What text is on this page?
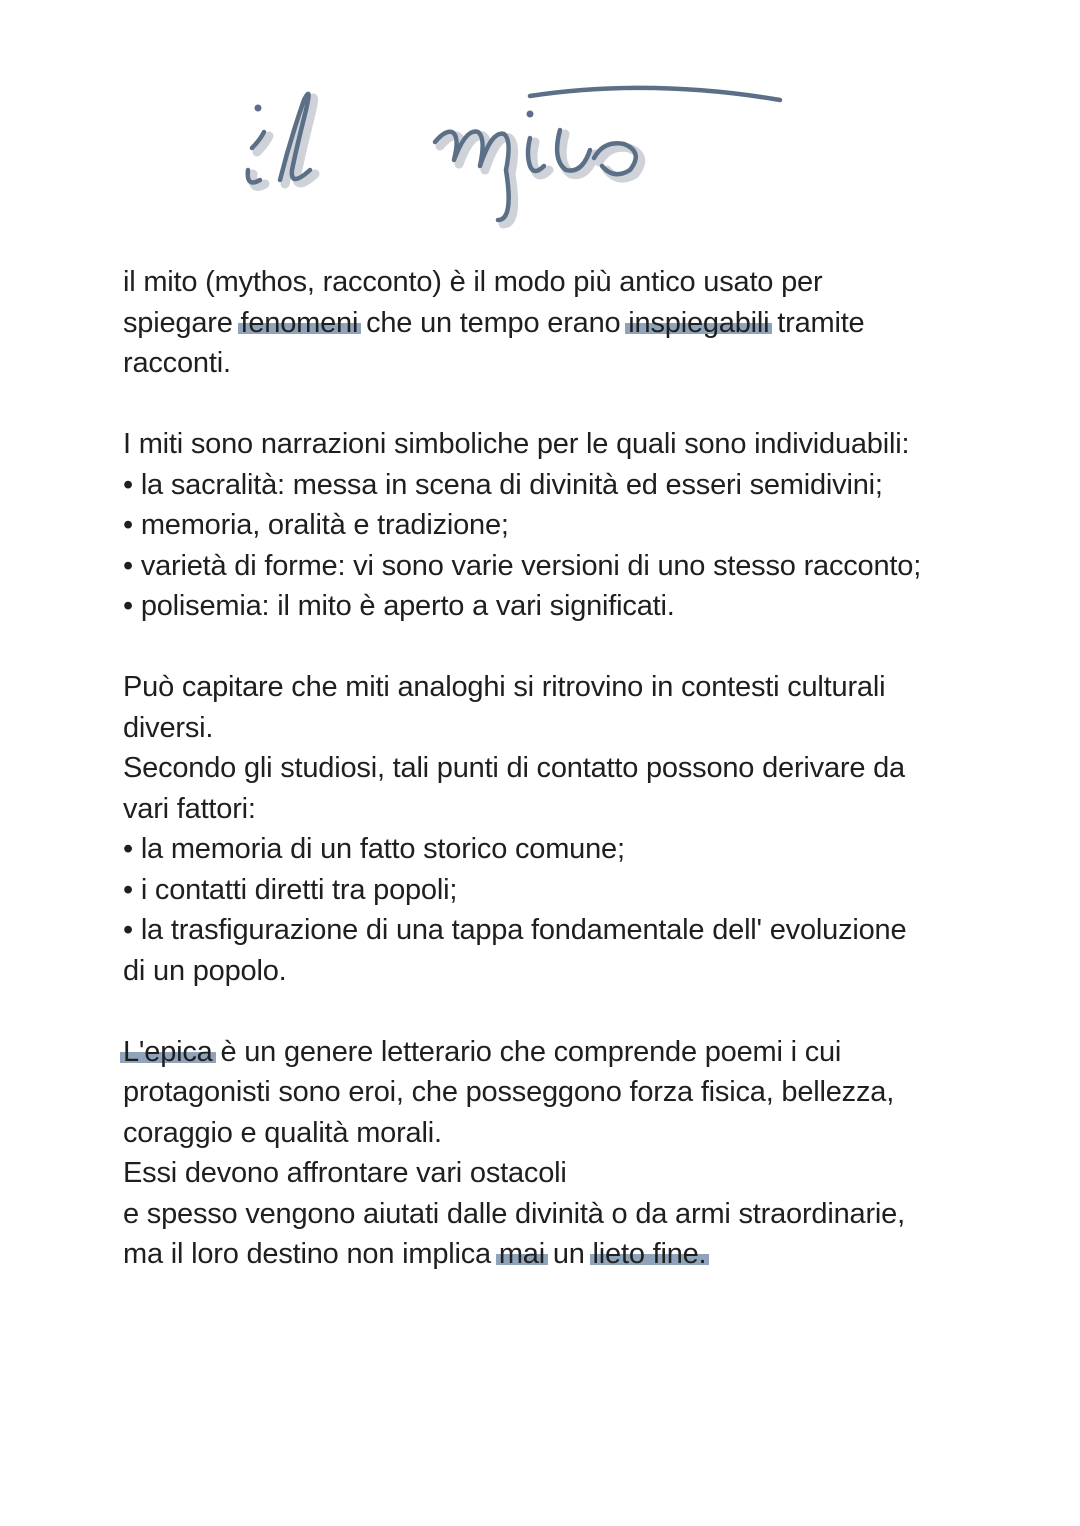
il mito (mythos, racconto) è il modo più antico usato per

spiegare fenomeni che un tempo erano inspiegabili tramite

racconti.

I miti sono narrazioni simboliche per le quali sono individuabili:

• la sacralità: messa in scena di divinità ed esseri semidivini;

• memoria, oralità e tradizione;

• varietà di forme: vi sono varie versioni di uno stesso racconto;

• polisemia: il mito è aperto a vari significati.

Può capitare che miti analoghi si ritrovino in contesti culturali

diversi.

Secondo gli studiosi, tali punti di contatto possono derivare da

vari fattori:

• la memoria di un fatto storico comune;

• i contatti diretti tra popoli;

• la trasfigurazione di una tappa fondamentale dell' evoluzione

di un popolo.

L'epica è un genere letterario che comprende poemi i cui

protagonisti sono eroi, che posseggono forza fisica, bellezza,

coraggio e qualità morali.

Essi devono affrontare vari ostacoli

e spesso vengono aiutati dalle divinità o da armi straordinarie,

ma il loro destino non implica mai un lieto fine.
